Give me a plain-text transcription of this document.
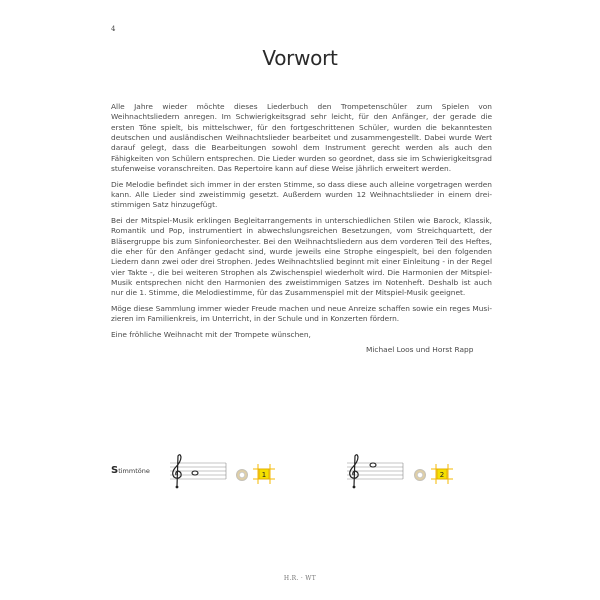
4
Vorwort

Alle Jahre wieder möchte dieses Liederbuch den Trompetenschüler zum Spielen von Weihnachtsliedern anregen. Im Schwierigkeitsgrad sehr leicht, für den Anfänger, der gerade die ersten Töne spielt, bis mittelschwer, für den fortgeschrittenen Schüler, wurden die bekanntesten deutschen und ausländischen Weihnachtslieder bearbeitet und zusammengestellt. Dabei wurde Wert darauf gelegt, dass die Bearbeitungen sowohl dem Instrument gerecht werden als auch den Fähigkeiten von Schülern entsprechen. Die Lieder wurden so geordnet, dass sie im Schwierigkeitsgrad stufenweise voranschreiten. Das Repertoire kann auf diese Weise jährlich erweitert werden.

Die Melodie befindet sich immer in der ersten Stimme, so dass diese auch alleine vorgetragen werden kann. Alle Lieder sind zweistimmig gesetzt. Außerdem wurden 12 Weihnachtslieder in einem dreistimmigen Satz hinzugefügt.

Bei der Mitspiel-Musik erklingen Begleitarrangements in unterschiedlichen Stilen wie Barock, Klassik, Romantik und Pop, instrumentiert in abwechslungsreichen Besetzungen, vom Streichquartett, der Bläsergruppe bis zum Sinfonieorchester. Bei den Weihnachtsliedern aus dem vorderen Teil des Heftes, die eher für den Anfänger gedacht sind, wurde jeweils eine Strophe eingespielt, bei den folgenden Liedern dann zwei oder drei Strophen. Jedes Weihnachtslied beginnt mit einer Einleitung - in der Regel vier Takte -, die bei weiteren Strophen als Zwischenspiel wiederholt wird. Die Harmonien der Mitspiel-Musik entsprechen nicht den Harmonien des zweistimmigen Satzes im Notenheft. Deshalb ist auch nur die 1. Stimme, die Melodiestimme, für das Zusammenspiel mit der Mitspiel-Musik geeignet.

Möge diese Sammlung immer wieder Freude machen und neue Anreize schaffen sowie ein reges Musizieren im Familienkreis, im Unterricht, in der Schule und in Konzerten fördern.

Eine fröhliche Weihnacht mit der Trompete wünschen,

Michael Loos und Horst Rapp
Stimmtöne	1	2
H.R. · WT
